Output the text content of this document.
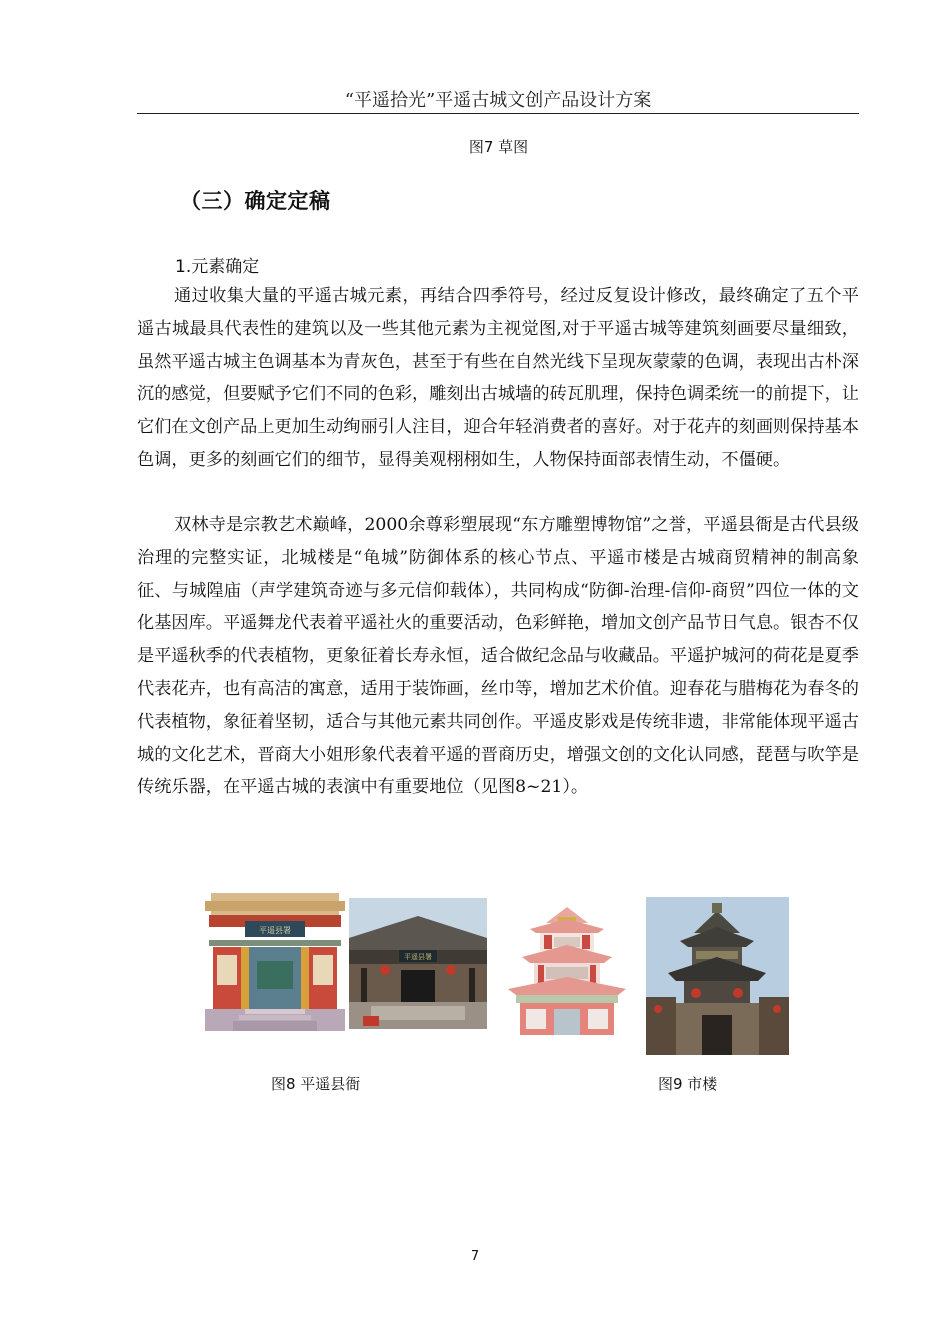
“平遥拾光”平遥古城文创产品设计方案
图7 草图
（三）确定定稿
1.元素确定

通过收集大量的平遥古城元素，再结合四季符号，经过反复设计修改，最终确定了五个平遥古城最具代表性的建筑以及一些其他元素为主视觉图,对于平遥古城等建筑刻画要尽量细致，虽然平遥古城主色调基本为青灰色，甚至于有些在自然光线下呈现灰蒙蒙的色调，表现出古朴深沉的感觉，但要赋予它们不同的色彩，雕刻出古城墙的砖瓦肌理，保持色调柔统一的前提下，让它们在文创产品上更加生动绚丽引人注目，迎合年轻消费者的喜好。对于花卉的刻画则保持基本色调，更多的刻画它们的细节，显得美观栩栩如生，人物保持面部表情生动，不僵硬。

双林寺是宗教艺术巅峰，2000余尊彩塑展现“东方雕塑博物馆”之誉，平遥县衙是古代县级治理的完整实证，北城楼是“龟城”防御体系的核心节点、平遥市楼是古城商贸精神的制高象征、与城隍庙（声学建筑奇迹与多元信仰载体），共同构成“防御-治理-信仰-商贸”四位一体的文化基因库。平遥舞龙代表着平遥社火的重要活动，色彩鲜艳，增加文创产品节日气息。银杏不仅是平遥秋季的代表植物，更象征着长寿永恒，适合做纪念品与收藏品。平遥护城河的荷花是夏季代表花卉，也有高洁的寓意，适用于装饰画，丝巾等，增加艺术价值。迎春花与腊梅花为春冬的代表植物，象征着坚韧，适合与其他元素共同创作。平遥皮影戏是传统非遗，非常能体现平遥古城的文化艺术，晋商大小姐形象代表着平遥的晋商历史，增强文创的文化认同感，琵琶与吹竽是传统乐器，在平遥古城的表演中有重要地位（见图8~21）。

平遥县署
平遥县署
图8 平遥县衙	图9 市楼
7
